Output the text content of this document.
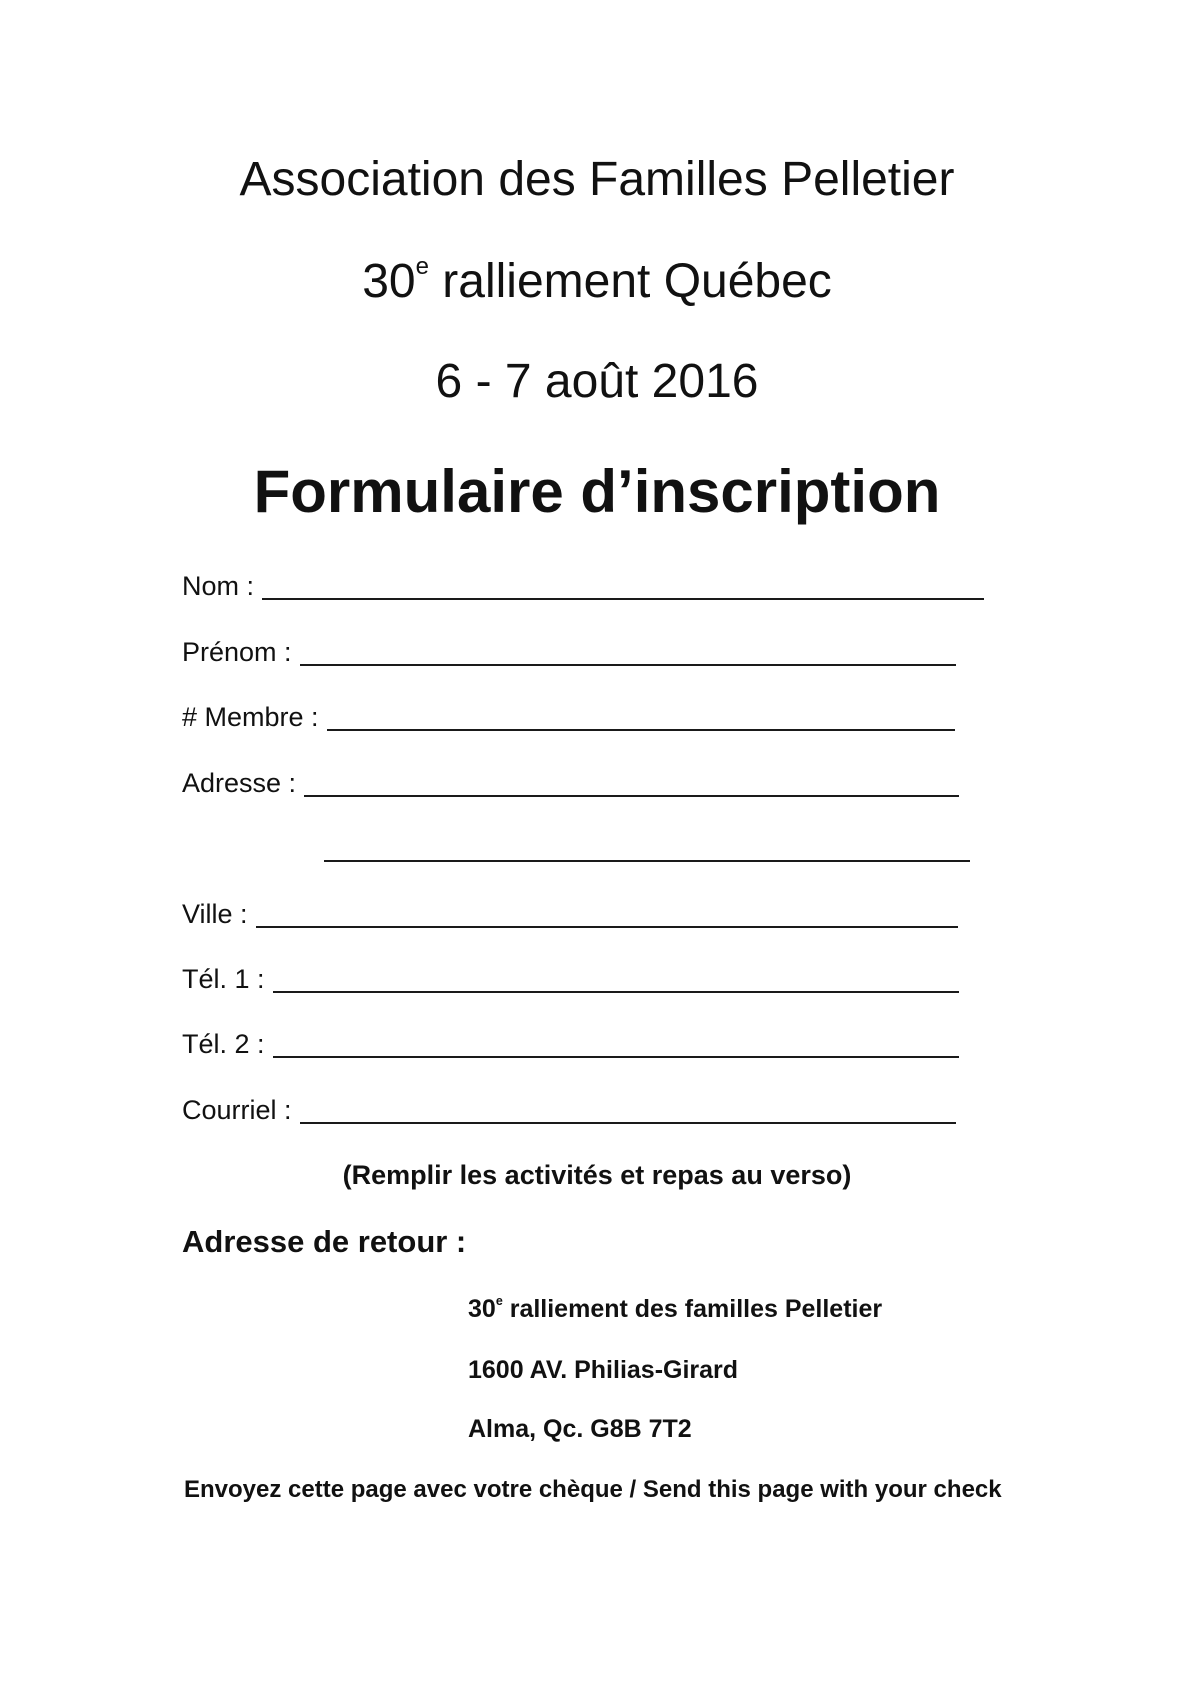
Association des Familles Pelletier
30e ralliement Québec
6 - 7 août 2016
Formulaire d’inscription
Nom :
Prénom :
# Membre :
Adresse :
Ville :
Tél. 1 :
Tél. 2 :
Courriel :
(Remplir les activités et repas au verso)
Adresse de retour :
30e ralliement des familles Pelletier
1600 AV. Philias-Girard
Alma, Qc. G8B 7T2
Envoyez cette page avec votre chèque / Send this page with your check
